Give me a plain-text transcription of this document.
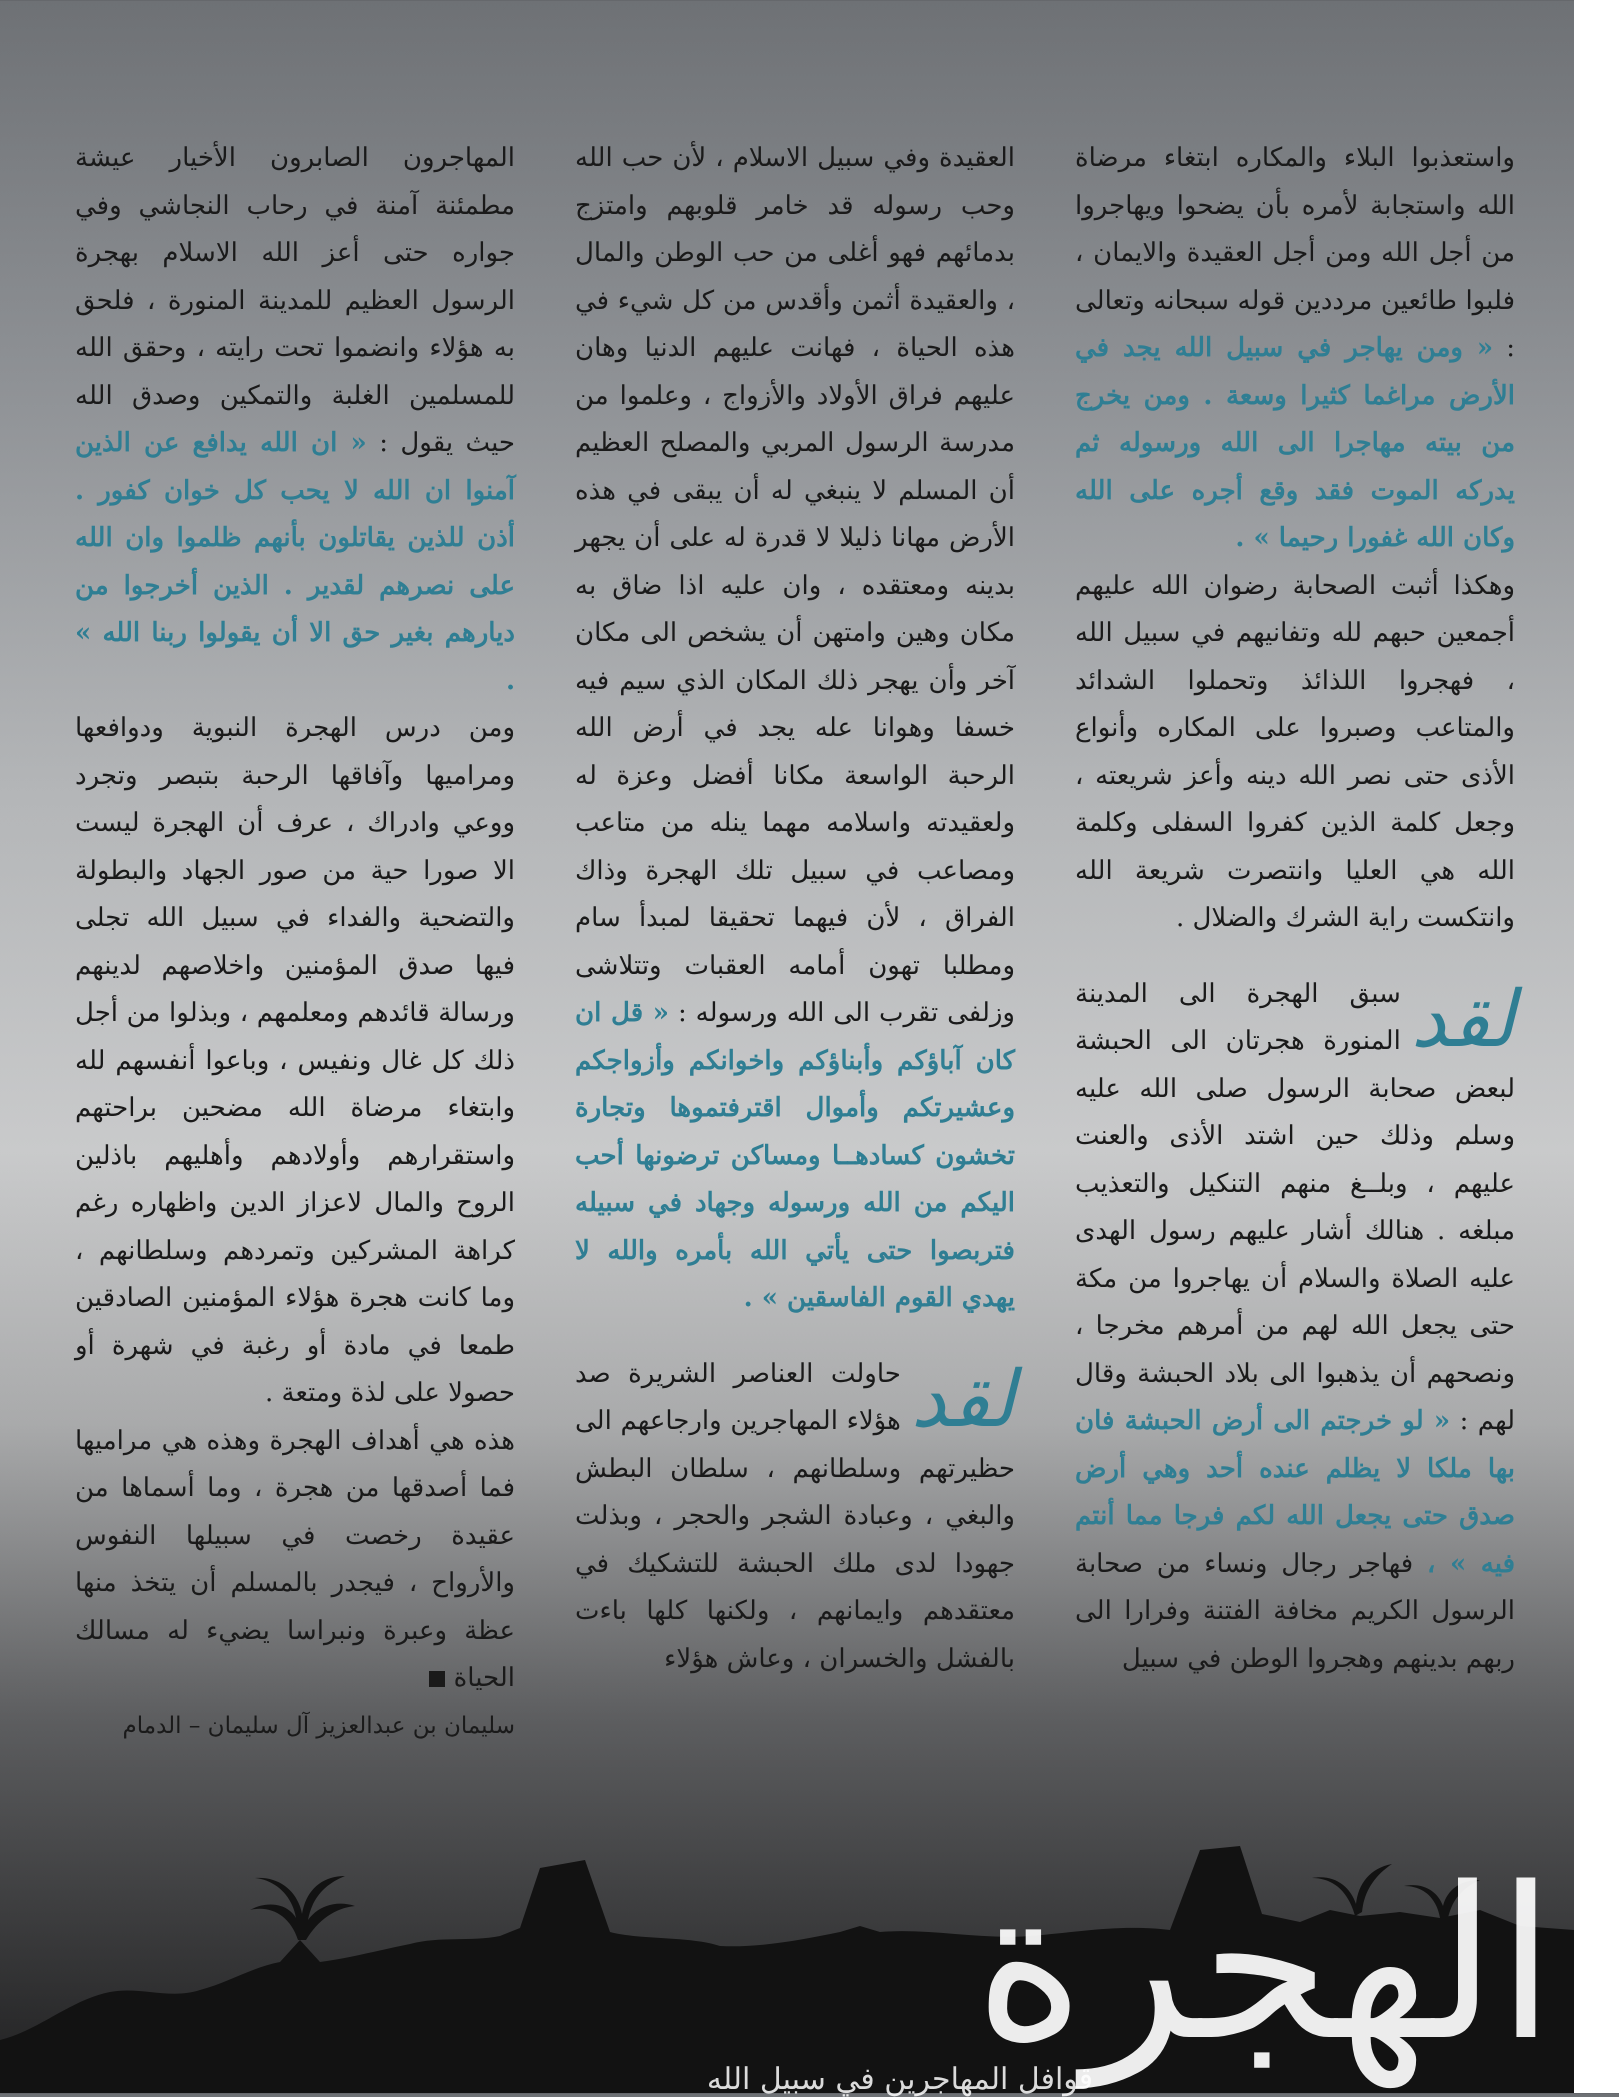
واستعذبوا البلاء والمكاره ابتغاء مرضاة الله واستجابة لأمره بأن يضحوا ويهاجروا من أجل الله ومن أجل العقيدة والايمان ، فلبوا طائعين مرددين قوله سبحانه وتعالى : « ومن يهاجر في سبيل الله يجد في الأرض مراغما كثيرا وسعة . ومن يخرج من بيته مهاجرا الى الله ورسوله ثم يدركه الموت فقد وقع أجره على الله وكان الله غفورا رحيما » .

وهكذا أثبت الصحابة رضوان الله عليهم أجمعين حبهم لله وتفانيهم في سبيل الله ، فهجروا اللذائذ وتحملوا الشدائد والمتاعب وصبروا على المكاره وأنواع الأذى حتى نصر الله دينه وأعز شريعته ، وجعل كلمة الذين كفروا السفلى وكلمة الله هي العليا وانتصرت شريعة الله وانتكست راية الشرك والضلال .

لقد
سبق الهجرة الى المدينة المنورة هجرتان الى الحبشة لبعض صحابة الرسول صلى الله عليه وسلم وذلك حين اشتد الأذى والعنت عليهم ، وبلــغ منهم التنكيل والتعذيب مبلغه . هنالك أشار عليهم رسول الهدى عليه الصلاة والسلام أن يهاجروا من مكة حتى يجعل الله لهم من أمرهم مخرجا ، ونصحهم أن يذهبوا الى بلاد الحبشة وقال لهم : « لو خرجتم الى أرض الحبشة فان بها ملكا لا يظلم عنده أحد وهي أرض صدق حتى يجعل الله لكم فرجا مما أنتم فيه » ، فهاجر رجال ونساء من صحابة الرسول الكريم مخافة الفتنة وفرارا الى ربهم بدينهم وهجروا الوطن في سبيل

العقيدة وفي سبيل الاسلام ، لأن حب الله وحب رسوله قد خامر قلوبهم وامتزج بدمائهم فهو أغلى من حب الوطن والمال ، والعقيدة أثمن وأقدس من كل شيء في هذه الحياة ، فهانت عليهم الدنيا وهان عليهم فراق الأولاد والأزواج ، وعلموا من مدرسة الرسول المربي والمصلح العظيم أن المسلم لا ينبغي له أن يبقى في هذه الأرض مهانا ذليلا لا قدرة له على أن يجهر بدينه ومعتقده ، وان عليه اذا ضاق به مكان وهين وامتهن أن يشخص الى مكان آخر وأن يهجر ذلك المكان الذي سيم فيه خسفا وهوانا عله يجد في أرض الله الرحبة الواسعة مكانا أفضل وعزة له ولعقيدته واسلامه مهما ينله من متاعب ومصاعب في سبيل تلك الهجرة وذاك الفراق ، لأن فيهما تحقيقا لمبدأ سام ومطلبا تهون أمامه العقبات وتتلاشى وزلفى تقرب الى الله ورسوله : « قل ان كان آباؤكم وأبناؤكم واخوانكم وأزواجكم وعشيرتكم وأموال اقترفتموها وتجارة تخشون كسادهــا ومساكن ترضونها أحب اليكم من الله ورسوله وجهاد في سبيله فتربصوا حتى يأتي الله بأمره والله لا يهدي القوم الفاسقين » .

لقد
حاولت العناصر الشريرة صد هؤلاء المهاجرين وارجاعهم الى حظيرتهم وسلطانهم ، سلطان البطش والبغي ، وعبادة الشجر والحجر ، وبذلت جهودا لدى ملك الحبشة للتشكيك في معتقدهم وايمانهم ، ولكنها كلها باءت بالفشل والخسران ، وعاش هؤلاء

المهاجرون الصابرون الأخيار عيشة مطمئنة آمنة في رحاب النجاشي وفي جواره حتى أعز الله الاسلام بهجرة الرسول العظيم للمدينة المنورة ، فلحق به هؤلاء وانضموا تحت رايته ، وحقق الله للمسلمين الغلبة والتمكين وصدق الله حيث يقول : « ان الله يدافع عن الذين آمنوا ان الله لا يحب كل خوان كفور . أذن للذين يقاتلون بأنهم ظلموا وان الله على نصرهم لقدير . الذين أخرجوا من ديارهم بغير حق الا أن يقولوا ربنا الله » .

ومن درس الهجرة النبوية ودوافعها ومراميها وآفاقها الرحبة بتبصر وتجرد ووعي وادراك ، عرف أن الهجرة ليست الا صورا حية من صور الجهاد والبطولة والتضحية والفداء في سبيل الله تجلى فيها صدق المؤمنين واخلاصهم لدينهم ورسالة قائدهم ومعلمهم ، وبذلوا من أجل ذلك كل غال ونفيس ، وباعوا أنفسهم لله وابتغاء مرضاة الله مضحين براحتهم واستقرارهم وأولادهم وأهليهم باذلين الروح والمال لاعزاز الدين واظهاره رغم كراهة المشركين وتمردهم وسلطانهم ، وما كانت هجرة هؤلاء المؤمنين الصادقين طمعا في مادة أو رغبة في شهرة أو حصولا على لذة ومتعة .

هذه هي أهداف الهجرة وهذه هي مراميها فما أصدقها من هجرة ، وما أسماها من عقيدة رخصت في سبيلها النفوس والأرواح ، فيجدر بالمسلم أن يتخذ منها عظة وعبرة ونبراسا يضيء له مسالك الحياة

سليمان بن عبدالعزيز آل سليمان – الدمام

الهجرة
قوافل المهاجرين في سبيل الله
